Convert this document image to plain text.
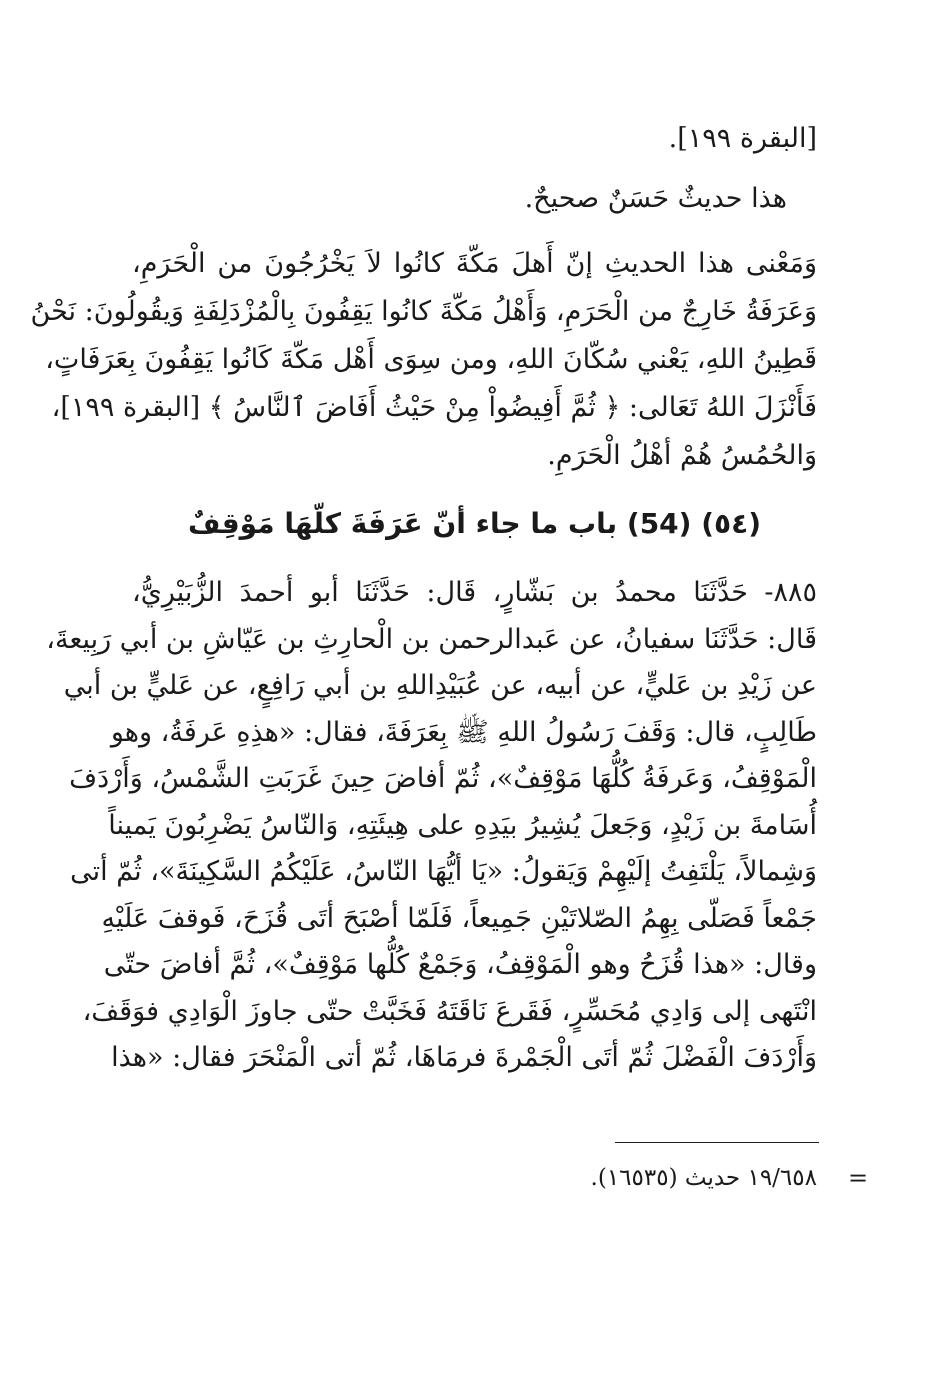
[البقرة ١٩٩].
هذا حديثٌ حَسَنٌ صحيحٌ.
وَمَعْنى هذا الحديثِ إنّ أَهلَ مَكّةَ كانُوا لاَ يَخْرُجُونَ من الْحَرَمِ،
وَعَرَفَةُ خَارِجٌ من الْحَرَمِ، وَأَهْلُ مَكّةَ كانُوا يَقِفُونَ بِالْمُزْدَلِفَةِ وَيقُولُونَ: نَحْنُ
قَطِينُ اللهِ، يَعْني سُكّانَ اللهِ، ومن سِوَى أَهْل مَكّةَ كَانُوا يَقِفُونَ بِعَرَفَاتٍ،
فَأَنْزَلَ اللهُ تَعَالى: ﴿ ثُمَّ أَفِيضُواْ مِنْ حَيْثُ أَفَاضَ ٱلنَّاسُ ﴾ [البقرة ١٩٩]،
وَالحُمُسُ هُمْ أهْلُ الْحَرَمِ.
(٥٤) (54) باب ما جاء أنّ عَرَفَةَ كلّهَا مَوْقِفٌ
٨٨٥- حَدَّثَنَا محمدُ بن بَشّارٍ، قَال: حَدَّثَنَا أبو أحمدَ الزُّبَيْرِيُّ،
قَال: حَدَّثَنَا سفيانُ، عن عَبدالرحمن بن الْحارِثِ بن عَيّاشِ بن أبي رَبِيعةَ،
عن زَيْدِ بن عَليٍّ، عن أبيه، عن عُبَيْدِاللهِ بن أبي رَافِعٍ، عن عَليٍّ بن أبي
طَالِبٍ، قال: وَقَفَ رَسُولُ اللهِ ﷺ بِعَرَفَةَ، فقال: «هذِهِ عَرفَةُ، وهو
الْمَوْقِفُ، وَعَرفَةُ كُلُّهَا مَوْقِفٌ»، ثُمّ أفاضَ حِينَ غَرَبَتِ الشَّمْسُ، وَأَرْدَفَ
أُسَامةَ بن زَيْدٍ، وَجَعلَ يُشِيرُ بيَدِهِ على هِيئَتِهِ، وَالنّاسُ يَضْرِبُونَ يَميناً
وَشِمالاً، يَلْتَفِتُ إلَيْهِمْ وَيَقولُ: «يَا أيُّهَا النّاسُ، عَلَيْكُمُ السَّكِينَةَ»، ثُمّ أتى
جَمْعاً فَصَلّى بِهِمُ الصّلاتَيْنِ جَمِيعاً، فَلَمّا أصْبَحَ أتَى قُزَحَ، فَوقفَ عَلَيْهِ
وقال: «هذا قُزَحُ وهو الْمَوْقِفُ، وَجَمْعٌ كُلُّها مَوْقِفٌ»، ثُمَّ أفاضَ حتّى
انْتَهى إلى وَادِي مُحَسِّرٍ، فَقَرعَ نَاقَتَهُ فَخَبَّتْ حتّى جاوزَ الْوَادِي فوَقَفَ،
وَأَرْدَفَ الْفَضْلَ ثُمّ أتَى الْجَمْرةَ فرمَاهَا، ثُمّ أتى الْمَنْحَرَ فقال: «هذا
١٩/٦٥٨ حديث (١٦٥٣٥). =
